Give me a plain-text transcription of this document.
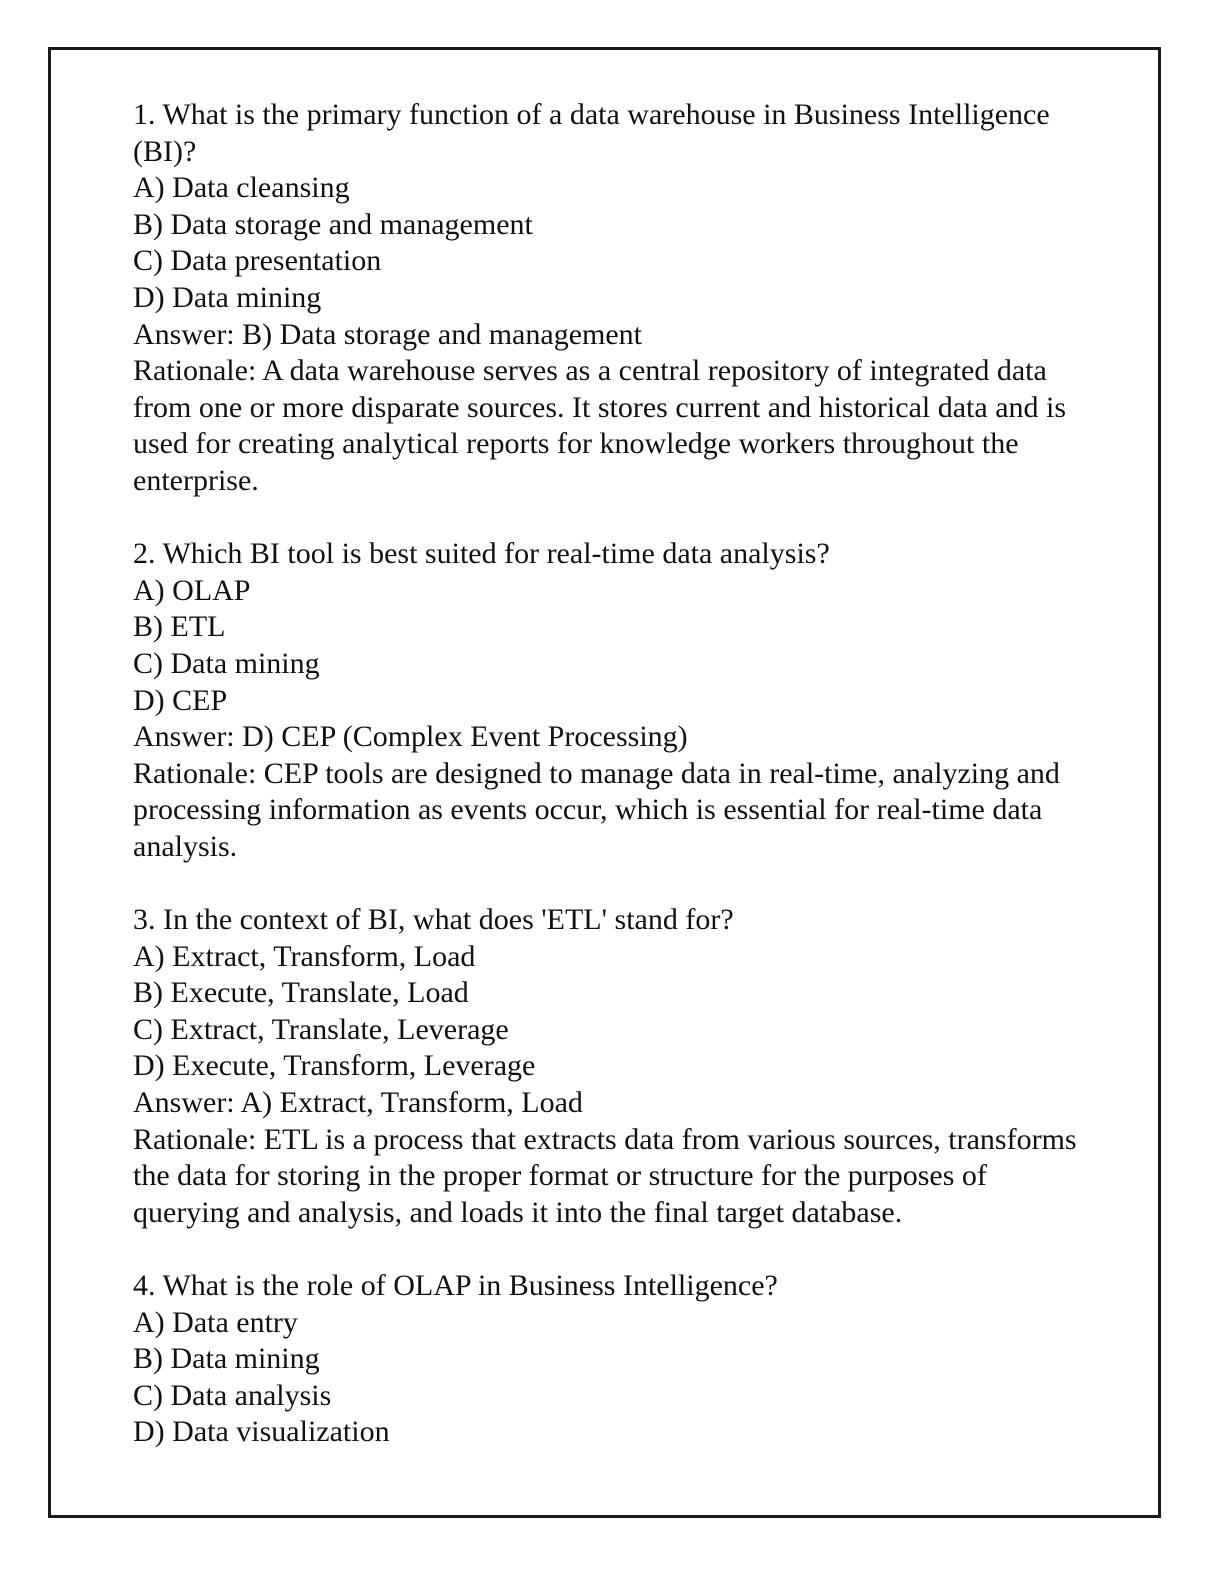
1. What is the primary function of a data warehouse in Business Intelligence (BI)?
A) Data cleansing
B) Data storage and management
C) Data presentation
D) Data mining
Answer: B) Data storage and management
Rationale: A data warehouse serves as a central repository of integrated data from one or more disparate sources. It stores current and historical data and is used for creating analytical reports for knowledge workers throughout the enterprise.
2. Which BI tool is best suited for real-time data analysis?
A) OLAP
B) ETL
C) Data mining
D) CEP
Answer: D) CEP (Complex Event Processing)
Rationale: CEP tools are designed to manage data in real-time, analyzing and processing information as events occur, which is essential for real-time data analysis.
3. In the context of BI, what does 'ETL' stand for?
A) Extract, Transform, Load
B) Execute, Translate, Load
C) Extract, Translate, Leverage
D) Execute, Transform, Leverage
Answer: A) Extract, Transform, Load
Rationale: ETL is a process that extracts data from various sources, transforms the data for storing in the proper format or structure for the purposes of querying and analysis, and loads it into the final target database.
4. What is the role of OLAP in Business Intelligence?
A) Data entry
B) Data mining
C) Data analysis
D) Data visualization
